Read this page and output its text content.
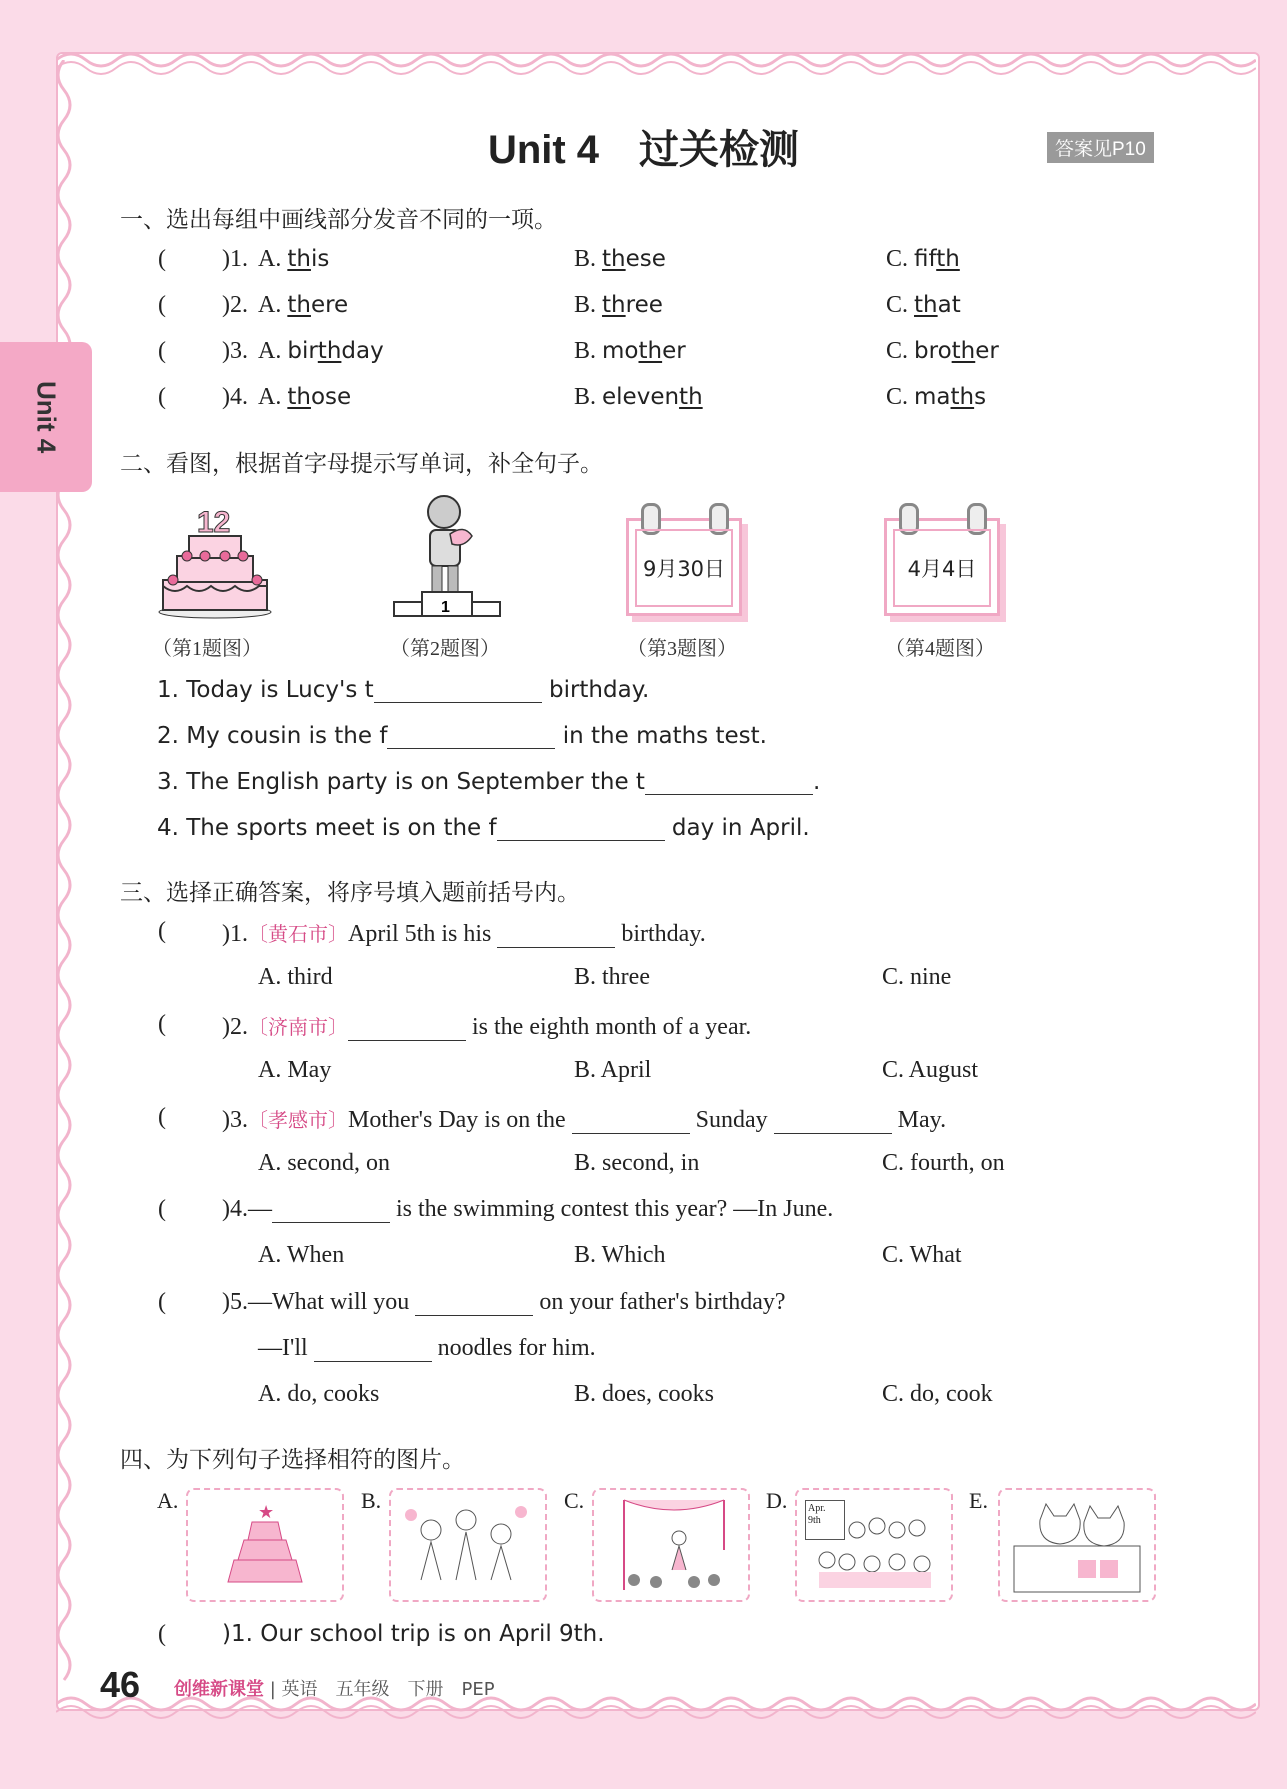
Unit 4
Unit 4　过关检测	答案见P10
一、选出每组中画线部分发音不同的一项。
(	)1. A. this	B. these	C. fifth
(	)2. A. there	B. three	C. that
(	)3. A. birthday	B. mother	C. brother
(	)4. A. those	B. eleventh	C. maths
二、看图，根据首字母提示写单词，补全句子。
12
1
9月30日	4月4日
（第1题图）	（第2题图）	（第3题图）	（第4题图）
1. Today is Lucy's t	birthday.
2. My cousin is the f	in the maths test.
3. The English party is on September the t	.
4. The sports meet is on the f	day in April.
三、选择正确答案，将序号填入题前括号内。
(	)1.〔黄石市〕April 5th is his	birthday.
A. third	B. three	C. nine
(	)2.〔济南市〕	is the eighth month of a year.
A. May	B. April	C. August
(	)3.〔孝感市〕Mother's Day is on the	Sunday	May.
A. second, on	B. second, in	C. fourth, on
(	)4.—	is the swimming contest this year? —In June.
A. When	B. Which	C. What
(	)5.—What will you	on your father's birthday?
—I'll	noodles for him.
A. do, cooks	B. does, cooks	C. do, cook
四、为下列句子选择相符的图片。
A.	★	B.	C.	D.	Apr.
9th
E.
(	)1. Our school trip is on April 9th.
46 创维新课堂 | 英语　五年级　下册　PEP
